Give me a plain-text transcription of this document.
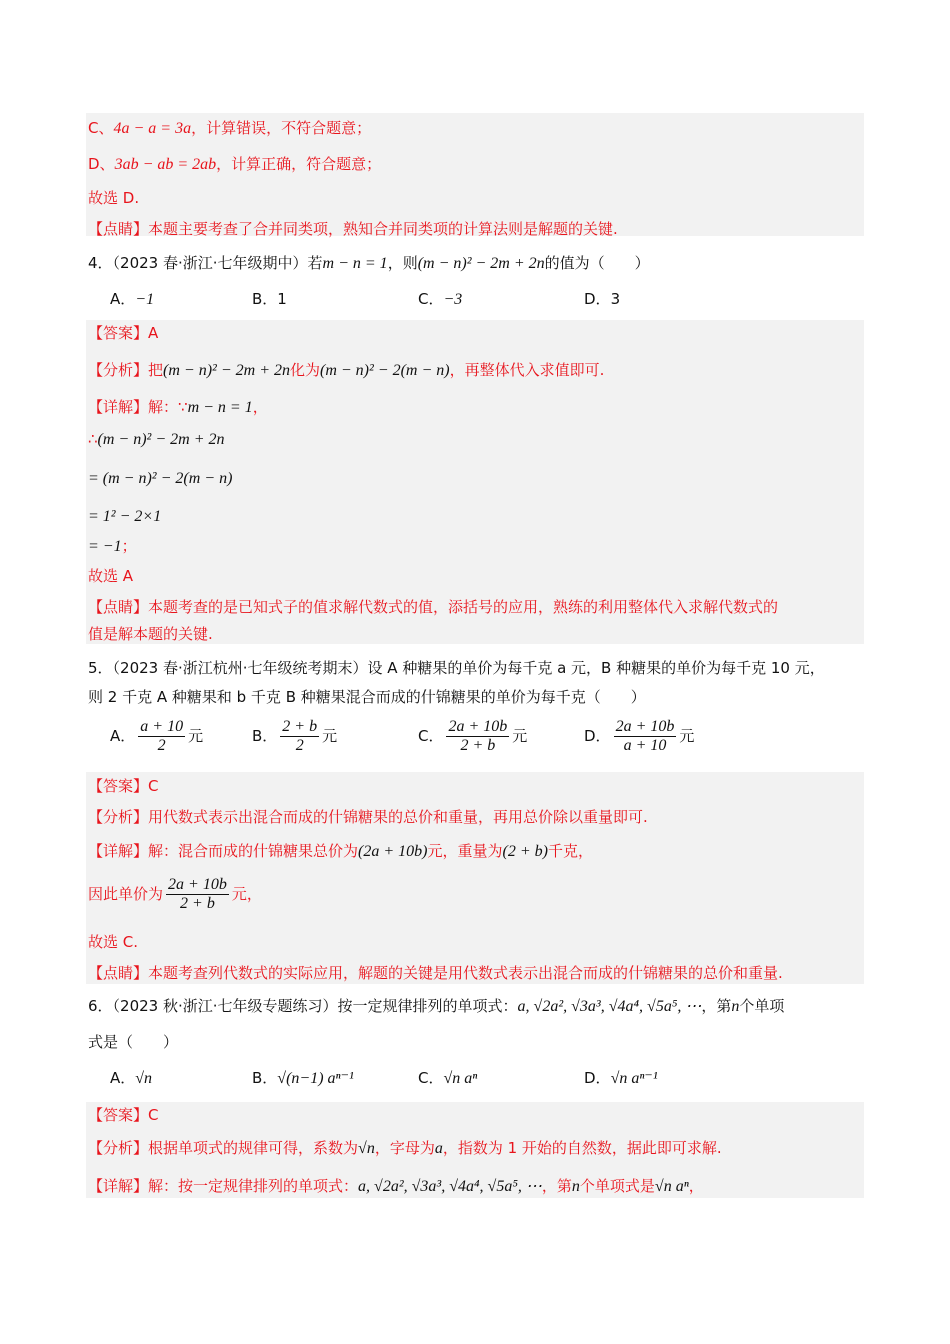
C、4a − a = 3a，计算错误，不符合题意；
D、3ab − ab = 2ab，计算正确，符合题意；
故选 D.
【点睛】本题主要考查了合并同类项，熟知合并同类项的计算法则是解题的关键.
4．（2023 春·浙江·七年级期中）若m − n = 1，则(m − n)² − 2m + 2n的值为（　　）
A．−1	B．1	C．−3	D．3
【答案】A
【分析】把(m − n)² − 2m + 2n化为(m − n)² − 2(m − n)，再整体代入求值即可.
【详解】解：∵m − n = 1，
∴(m − n)² − 2m + 2n
= (m − n)² − 2(m − n)
= 1² − 2×1
= −1；
故选 A
【点睛】本题考查的是已知式子的值求解代数式的值，添括号的应用，熟练的利用整体代入求解代数式的
值是解本题的关键.
5．（2023 春·浙江杭州·七年级统考期末）设 A 种糖果的单价为每千克 a 元，B 种糖果的单价为每千克 10 元，
则 2 千克 A 种糖果和 b 千克 B 种糖果混合而成的什锦糖果的单价为每千克（　　）
A． $\frac{a + 10}{2}$ 元	B． $\frac{2 + b}{2}$ 元	C． $\frac{2a + 10b}{2 + b}$ 元	D． $\frac{2a + 10b}{a + 10}$ 元
【答案】C
【分析】用代数式表示出混合而成的什锦糖果的总价和重量，再用总价除以重量即可.
【详解】解：混合而成的什锦糖果总价为(2a + 10b)元，重量为(2 + b)千克，
因此单价为 $\frac{2a + 10b}{2 + b}$ 元，
故选 C.
【点睛】本题考查列代数式的实际应用，解题的关键是用代数式表示出混合而成的什锦糖果的总价和重量.
6．（2023 秋·浙江·七年级专题练习）按一定规律排列的单项式：a, √2a², √3a³, √4a⁴, √5a⁵, ⋯，第n个单项
式是（　　）
A．√n	B．√(n−1) aⁿ⁻¹	C．√n aⁿ	D．√n aⁿ⁻¹
【答案】C
【分析】根据单项式的规律可得，系数为√n，字母为a，指数为 1 开始的自然数，据此即可求解.
【详解】解：按一定规律排列的单项式：a, √2a², √3a³, √4a⁴, √5a⁵, ⋯，第n个单项式是√n aⁿ，
